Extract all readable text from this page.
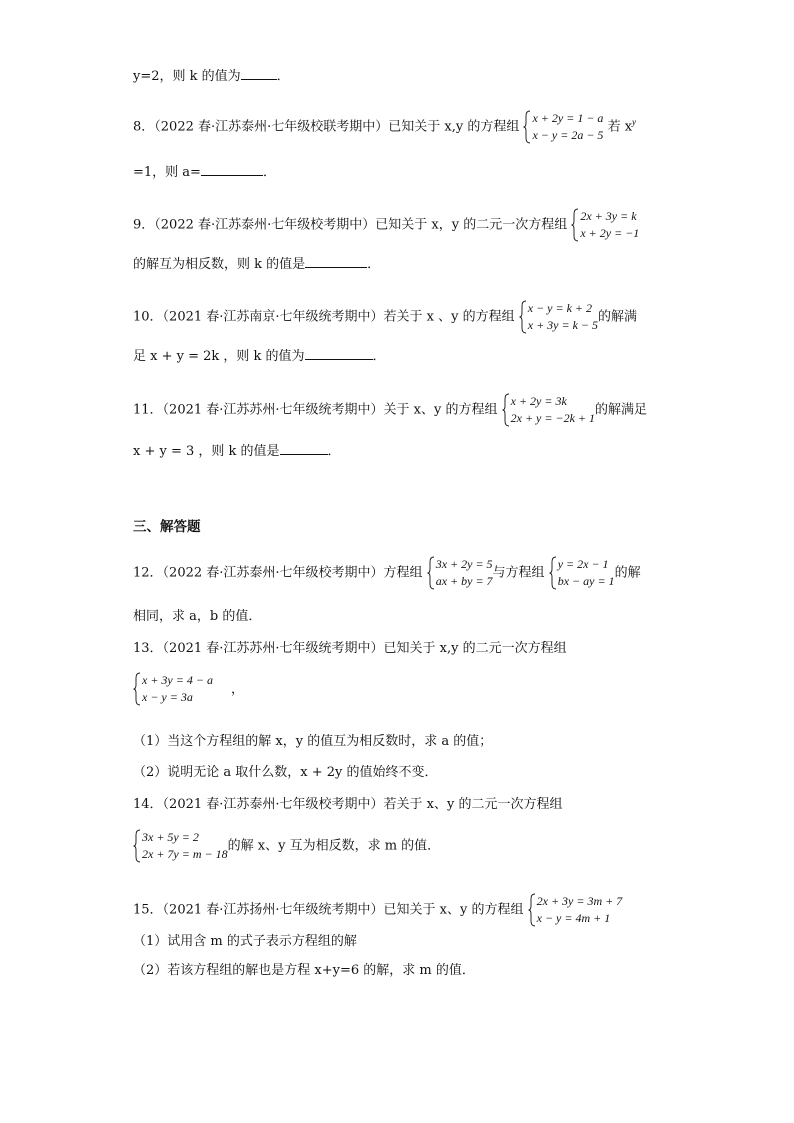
y=2，则 k 的值为	．
8．（2022 春·江苏泰州·七年级校联考期中）已知关于 x,y 的方程组
x + 2y = 1 − a
x − y = 2a − 5
若 $x^y$
=1，则 a=	．
9．（2022 春·江苏泰州·七年级校考期中）已知关于 x，y 的二元一次方程组
2x + 3y = k
x + 2y = −1
的解互为相反数，则 k 的值是	．
10．（2021 春·江苏南京·七年级统考期中）若关于 x 、y 的方程组
x − y = k + 2
x + 3y = k − 5
的解满
足 x + y = 2k ，则 k 的值为	．
11．（2021 春·江苏苏州·七年级统考期中）关于 x、y 的方程组
x + 2y = 3k
2x + y = −2k + 1
的解满足
x + y = 3 ，则 k 的值是	．
三、解答题
12．（2022 春·江苏泰州·七年级校考期中）方程组
3x + 2y = 5
ax + by = 7
与方程组
y = 2x − 1
bx − ay = 1
的解
相同，求 a，b 的值．
13．（2021 春·江苏苏州·七年级统考期中）已知关于 x,y 的二元一次方程组
x + 3y = 4 − a
x − y = 3a
，
（1）当这个方程组的解 x，y 的值互为相反数时，求 a 的值；
（2）说明无论 a 取什么数，x + 2y 的值始终不变．
14．（2021 春·江苏泰州·七年级校考期中）若关于 x、y 的二元一次方程组
3x + 5y = 2
2x + 7y = m − 18
的解 x、y 互为相反数，求 m 的值．
15．（2021 春·江苏扬州·七年级统考期中）已知关于 x、y 的方程组
2x + 3y = 3m + 7
x − y = 4m + 1
（1）试用含 m 的式子表示方程组的解
（2）若该方程组的解也是方程 x+y=6 的解，求 m 的值．
